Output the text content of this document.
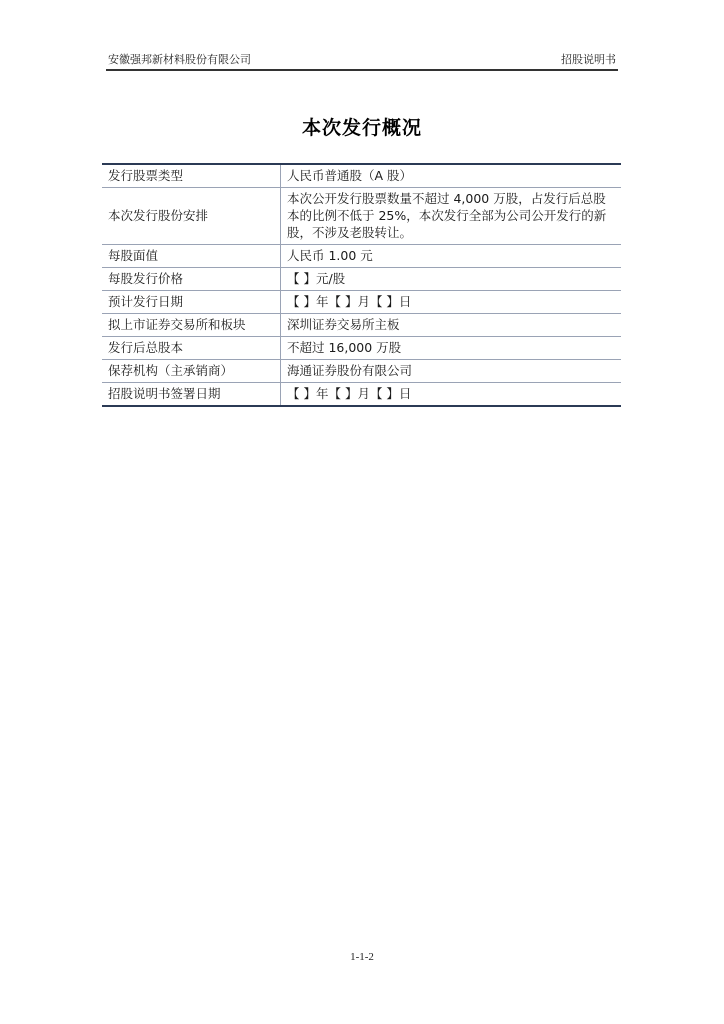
安徽强邦新材料股份有限公司	招股说明书
本次发行概况
发行股票类型	人民币普通股（A 股）
本次发行股份安排	本次公开发行股票数量不超过 4,000 万股，占发行后总股本的比例不低于 25%，本次发行全部为公司公开发行的新股，不涉及老股转让。
每股面值	人民币 1.00 元
每股发行价格	【 】元/股
预计发行日期	【 】年【 】月【 】日
拟上市证券交易所和板块	深圳证券交易所主板
发行后总股本	不超过 16,000 万股
保荐机构（主承销商）	海通证券股份有限公司
招股说明书签署日期	【 】年【 】月【 】日
1-1-2
